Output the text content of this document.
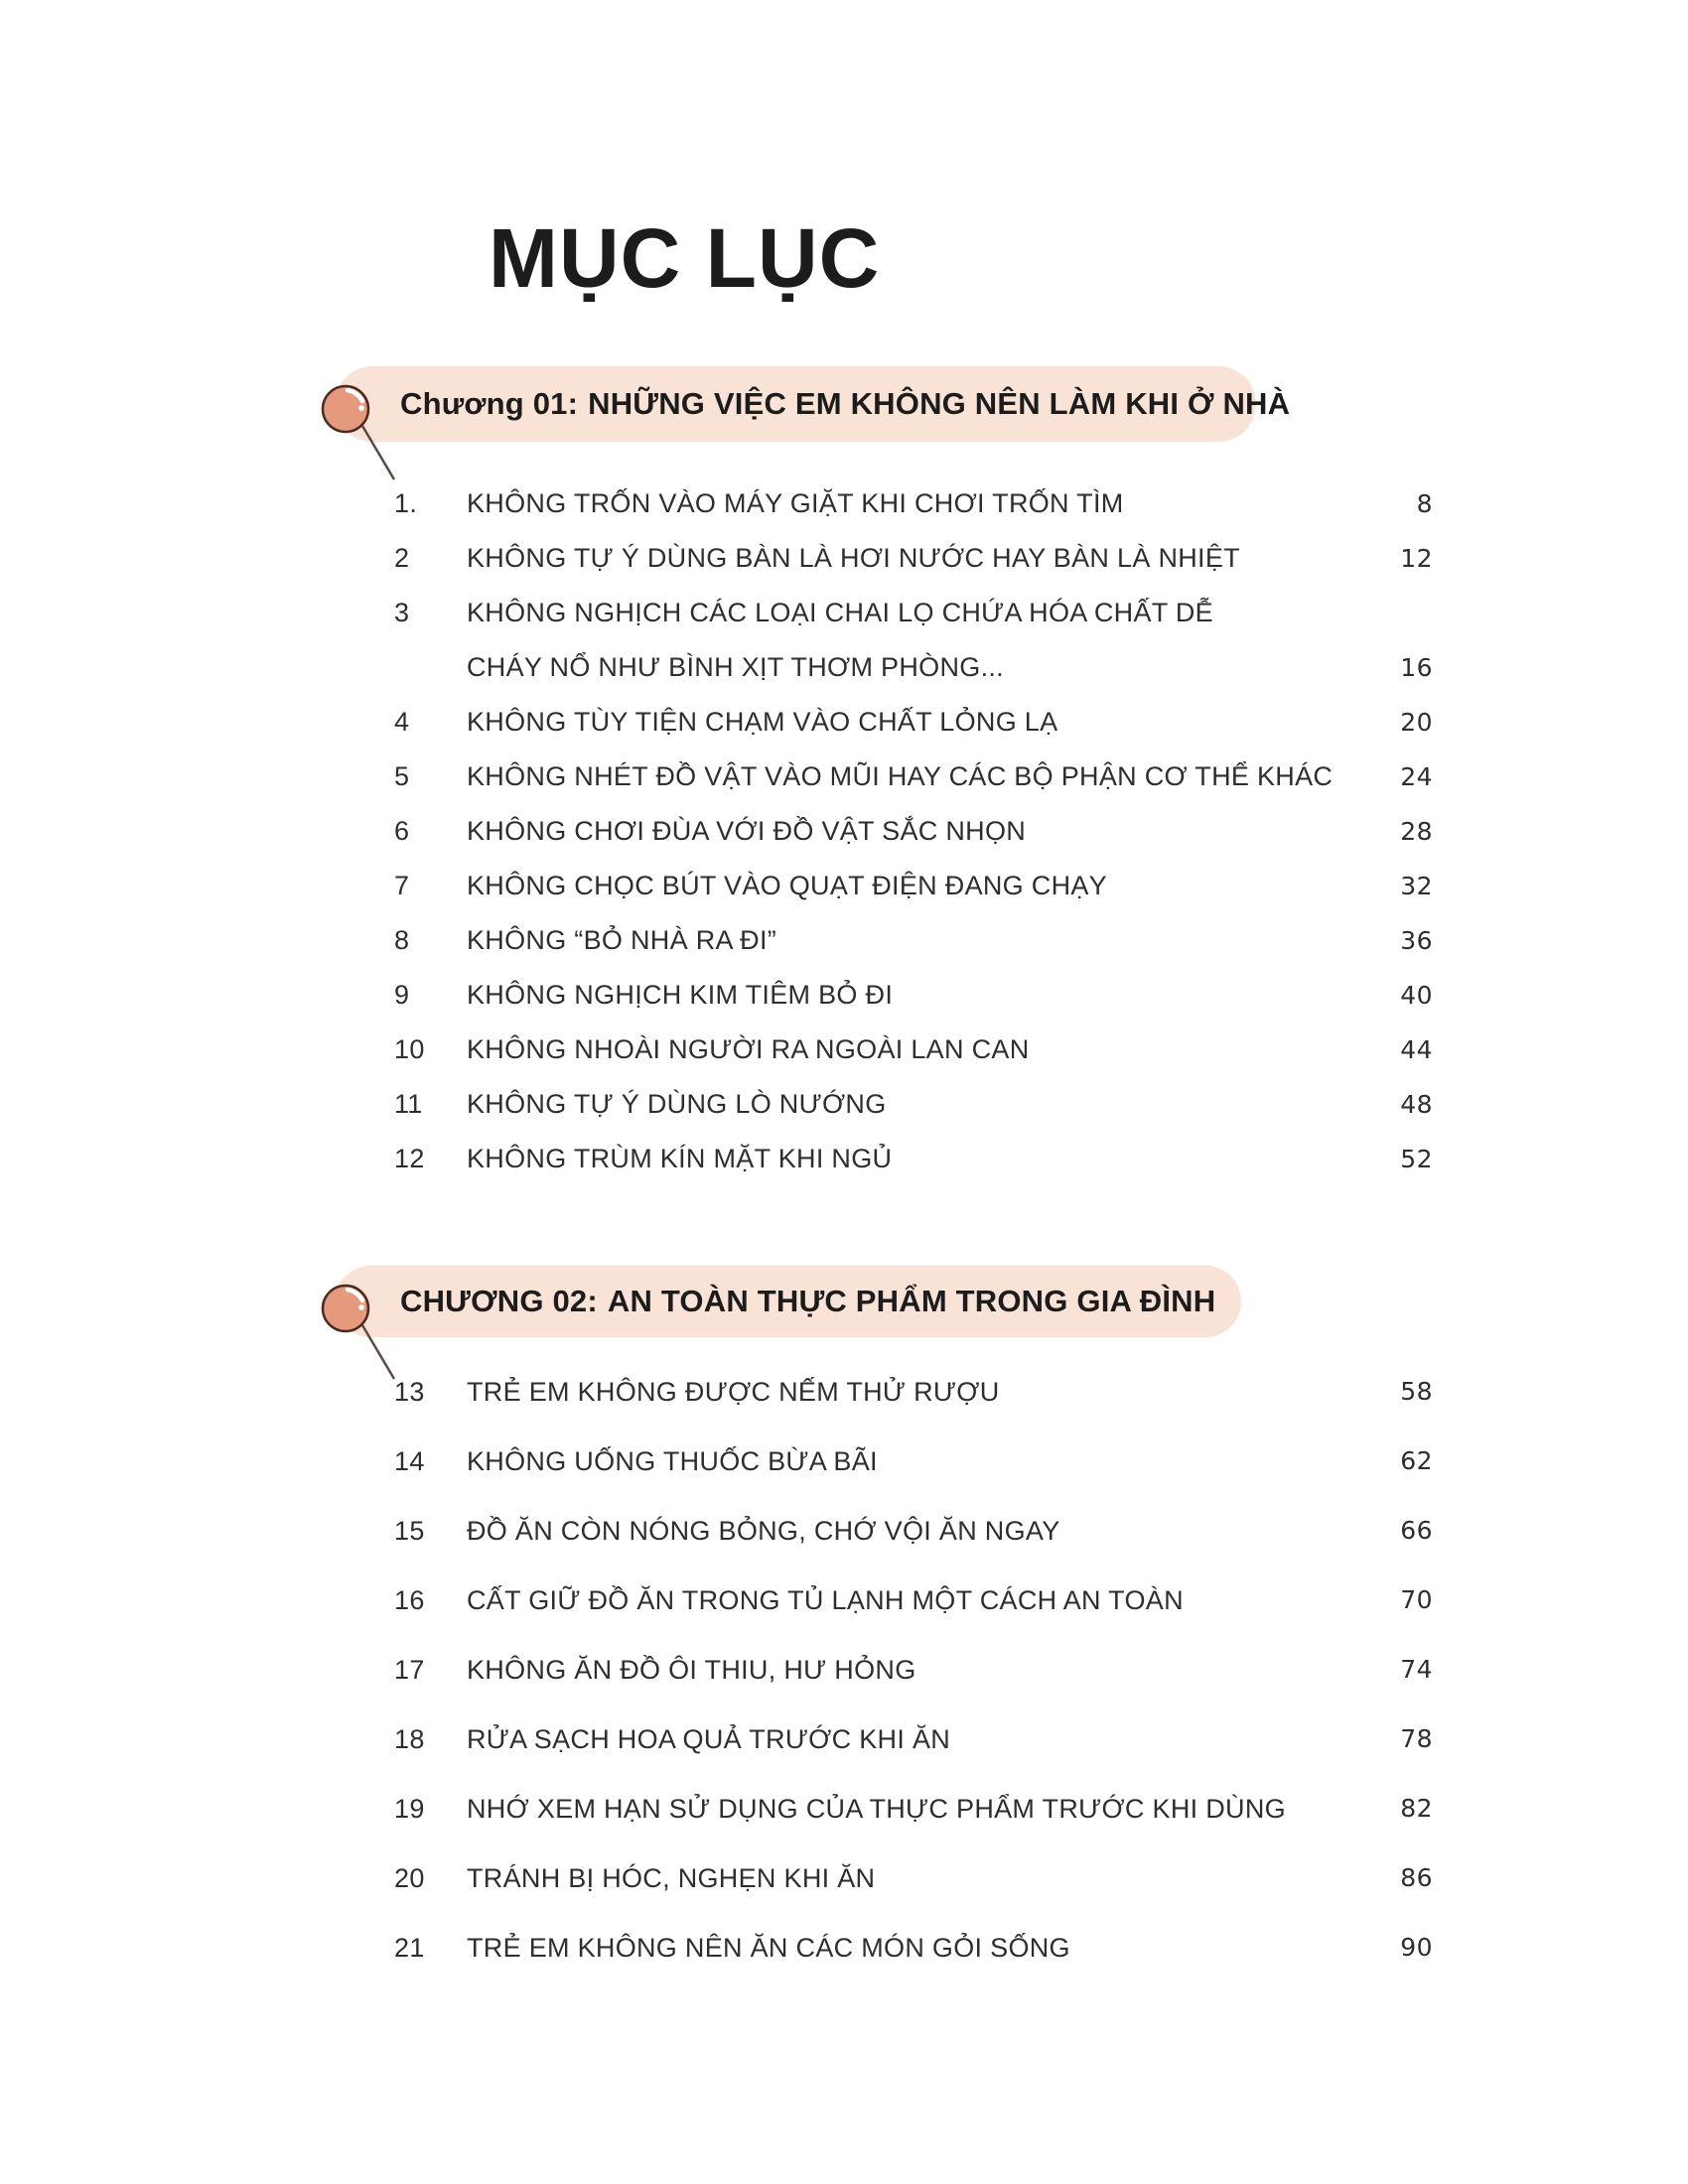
MỤC LỤC
Chương 01: NHỮNG VIỆC EM KHÔNG NÊN LÀM KHI Ở NHÀ
1.	KHÔNG TRỐN VÀO MÁY GIẶT KHI CHƠI TRỐN TÌM	8
2	KHÔNG TỰ Ý DÙNG BÀN LÀ HƠI NƯỚC HAY BÀN LÀ NHIỆT	12
3	KHÔNG NGHỊCH CÁC LOẠI CHAI LỌ CHỨA HÓA CHẤT DỄ
CHÁY NỔ NHƯ BÌNH XỊT THƠM PHÒNG...	16
4	KHÔNG TÙY TIỆN CHẠM VÀO CHẤT LỎNG LẠ	20
5	KHÔNG NHÉT ĐỒ VẬT VÀO MŨI HAY CÁC BỘ PHẬN CƠ THỂ KHÁC	24
6	KHÔNG CHƠI ĐÙA VỚI ĐỒ VẬT SẮC NHỌN	28
7	KHÔNG CHỌC BÚT VÀO QUẠT ĐIỆN ĐANG CHẠY	32
8	KHÔNG “BỎ NHÀ RA ĐI”	36
9	KHÔNG NGHỊCH KIM TIÊM BỎ ĐI	40
10	KHÔNG NHOÀI NGƯỜI RA NGOÀI LAN CAN	44
11	KHÔNG TỰ Ý DÙNG LÒ NƯỚNG	48
12	KHÔNG TRÙM KÍN MẶT KHI NGỦ	52
CHƯƠNG 02: AN TOÀN THỰC PHẨM TRONG GIA ĐÌNH
13	TRẺ EM KHÔNG ĐƯỢC NẾM THỬ RƯỢU	58
14	KHÔNG UỐNG THUỐC BỪA BÃI	62
15	ĐỒ ĂN CÒN NÓNG BỎNG, CHỚ VỘI ĂN NGAY	66
16	CẤT GIỮ ĐỒ ĂN TRONG TỦ LẠNH MỘT CÁCH AN TOÀN	70
17	KHÔNG ĂN ĐỒ ÔI THIU, HƯ HỎNG	74
18	RỬA SẠCH HOA QUẢ TRƯỚC KHI ĂN	78
19	NHỚ XEM HẠN SỬ DỤNG CỦA THỰC PHẨM TRƯỚC KHI DÙNG	82
20	TRÁNH BỊ HÓC, NGHẸN KHI ĂN	86
21	TRẺ EM KHÔNG NÊN ĂN CÁC MÓN GỎI SỐNG	90
